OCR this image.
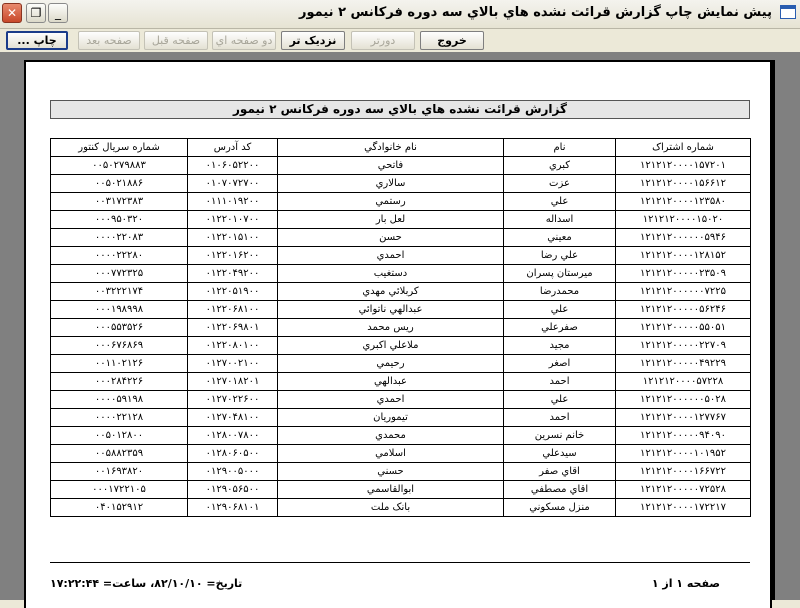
پيش نمايش چاپ گزارش قرائت نشده هاي بالاي سه دوره فركانس ۲ نيمور
✕	❐	_
... چاپ	صفحه بعد	صفحه قبل	دو صفحه اي	نزديک تر	دورتر	خروج
گزارش قرائت نشده هاي بالاي سه دوره فركانس ۲ نيمور
شماره اشتراک	نام	نام خانوادگي	كد آدرس	شماره سريال كنتور
۱۲۱۲۱۲۰۰۰۰۱۵۷۲۰۱	كبري	فاتحي	۰۱۰۶۰۵۲۲۰۰	۰۰۵۰۲۷۹۸۸۳
۱۲۱۲۱۲۰۰۰۰۱۵۶۶۱۲	عزت	سالاري	۰۱۰۷۰۷۲۷۰۰	۰۰۵۰۲۱۸۸۶
۱۲۱۲۱۲۰۰۰۰۱۲۳۵۸۰	علي	رستمي	۰۱۱۱۰۱۹۲۰۰	۰۰۳۱۷۲۳۸۳
۱۲۱۲۱۲۰۰۰۰۱۵۰۲۰	اسداله	لعل بار	۰۱۲۲۰۱۰۷۰۰	۰۰۰۹۵۰۳۲۰
۱۲۱۲۱۲۰۰۰۰۰۰۵۹۴۶	معيني	حسن	۰۱۲۲۰۱۵۱۰۰	۰۰۰۰۲۲۰۸۳
۱۲۱۲۱۲۰۰۰۰۱۲۸۱۵۲	علي رضا	احمدي	۰۱۲۲۰۱۶۲۰۰	۰۰۰۰۲۲۲۸۰
۱۲۱۲۱۲۰۰۰۰۰۲۳۵۰۹	ميرستان پسران	دستغيب	۰۱۲۲۰۴۹۲۰۰	۰۰۰۷۷۲۳۲۵
۱۲۱۲۱۲۰۰۰۰۰۰۷۲۲۵	محمدرضا	كربلائي مهدي	۰۱۲۲۰۵۱۹۰۰	۰۰۳۲۲۲۱۷۴
۱۲۱۲۱۲۰۰۰۰۰۵۶۲۴۶	علي	عبدالهي ناتوائي	۰۱۲۲۰۶۸۱۰۰	۰۰۰۱۹۸۹۹۸
۱۲۱۲۱۲۰۰۰۰۰۵۵۰۵۱	صفرعلي	ريس محمد	۰۱۲۲۰۶۹۸۰۱	۰۰۰۵۵۳۵۲۶
۱۲۱۲۱۲۰۰۰۰۰۲۲۷۰۹	مجيد	ملاعلي اكبري	۰۱۲۲۰۸۰۱۰۰	۰۰۰۶۷۶۸۶۹
۱۲۱۲۱۲۰۰۰۰۰۴۹۲۲۹	اصغر	رحيمي	۰۱۲۷۰۰۲۱۰۰	۰۰۱۱۰۲۱۲۶
۱۲۱۲۱۲۰۰۰۰۵۷۲۲۸	احمد	عبدالهي	۰۱۲۷۰۱۸۲۰۱	۰۰۰۲۸۴۲۲۶
۱۲۱۲۱۲۰۰۰۰۰۰۵۰۲۸	علي	احمدي	۰۱۲۷۰۲۲۶۰۰	۰۰۰۰۵۹۱۹۸
۱۲۱۲۱۲۰۰۰۰۱۲۷۷۶۷	احمد	تيموريان	۰۱۲۷۰۴۸۱۰۰	۰۰۰۰۲۲۱۲۸
۱۲۱۲۱۲۰۰۰۰۰۹۴۰۹۰	خانم نسرين	محمدي	۰۱۲۸۰۰۷۸۰۰	۰۰۵۰۱۲۸۰۰
۱۲۱۲۱۲۰۰۰۰۱۰۱۹۵۲	سيدعلي	اسلامي	۰۱۲۸۰۶۰۵۰۰	۰۰۵۸۸۲۳۵۹
۱۲۱۲۱۲۰۰۰۰۱۶۶۷۲۲	اقاي صفر	حسني	۰۱۲۹۰۰۵۰۰۰	۰۰۱۶۹۳۸۲۰
۱۲۱۲۱۲۰۰۰۰۰۷۲۵۲۸	اقاي مصطفي	ابوالقاسمي	۰۱۲۹۰۵۶۵۰۰	۰۰۰۱۷۲۲۱۰۵
۱۲۱۲۱۲۰۰۰۰۱۷۲۲۱۷	منزل مسكوني	بانک ملت	۰۱۲۹۰۶۸۱۰۱	۰۴۰۱۵۲۹۱۲
صفحه ۱ از ۱
تاريخ= ۸۲/۱۰/۱۰، ساعت= ۱۷:۲۲:۴۴
